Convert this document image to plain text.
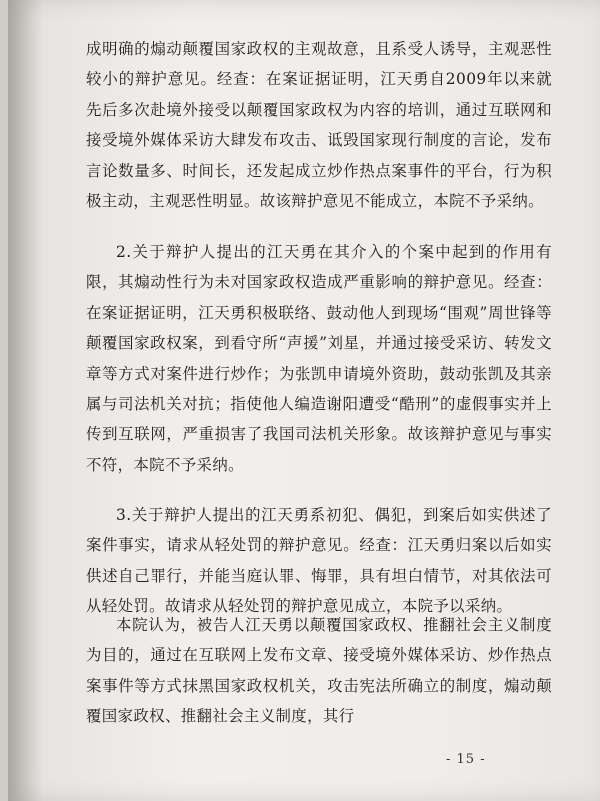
成明确的煽动颠覆国家政权的主观故意，且系受人诱导，主观恶性较小的辩护意见。经查：在案证据证明，江天勇自2009年以来就先后多次赴境外接受以颠覆国家政权为内容的培训，通过互联网和接受境外媒体采访大肆发布攻击、诋毁国家现行制度的言论，发布言论数量多、时间长，还发起成立炒作热点案事件的平台，行为积极主动，主观恶性明显。故该辩护意见不能成立，本院不予采纳。
2.关于辩护人提出的江天勇在其介入的个案中起到的作用有限，其煽动性行为未对国家政权造成严重影响的辩护意见。经查：在案证据证明，江天勇积极联络、鼓动他人到现场“围观”周世锋等颠覆国家政权案，到看守所“声援”刘星，并通过接受采访、转发文章等方式对案件进行炒作；为张凯申请境外资助，鼓动张凯及其亲属与司法机关对抗；指使他人编造谢阳遭受“酷刑”的虚假事实并上传到互联网，严重损害了我国司法机关形象。故该辩护意见与事实不符，本院不予采纳。
3.关于辩护人提出的江天勇系初犯、偶犯，到案后如实供述了案件事实，请求从轻处罚的辩护意见。经查：江天勇归案以后如实供述自己罪行，并能当庭认罪、悔罪，具有坦白情节，对其依法可从轻处罚。故请求从轻处罚的辩护意见成立，本院予以采纳。
本院认为，被告人江天勇以颠覆国家政权、推翻社会主义制度为目的，通过在互联网上发布文章、接受境外媒体采访、炒作热点案事件等方式抹黑国家政权机关，攻击宪法所确立的制度，煽动颠覆国家政权、推翻社会主义制度，其行
- 15 -
